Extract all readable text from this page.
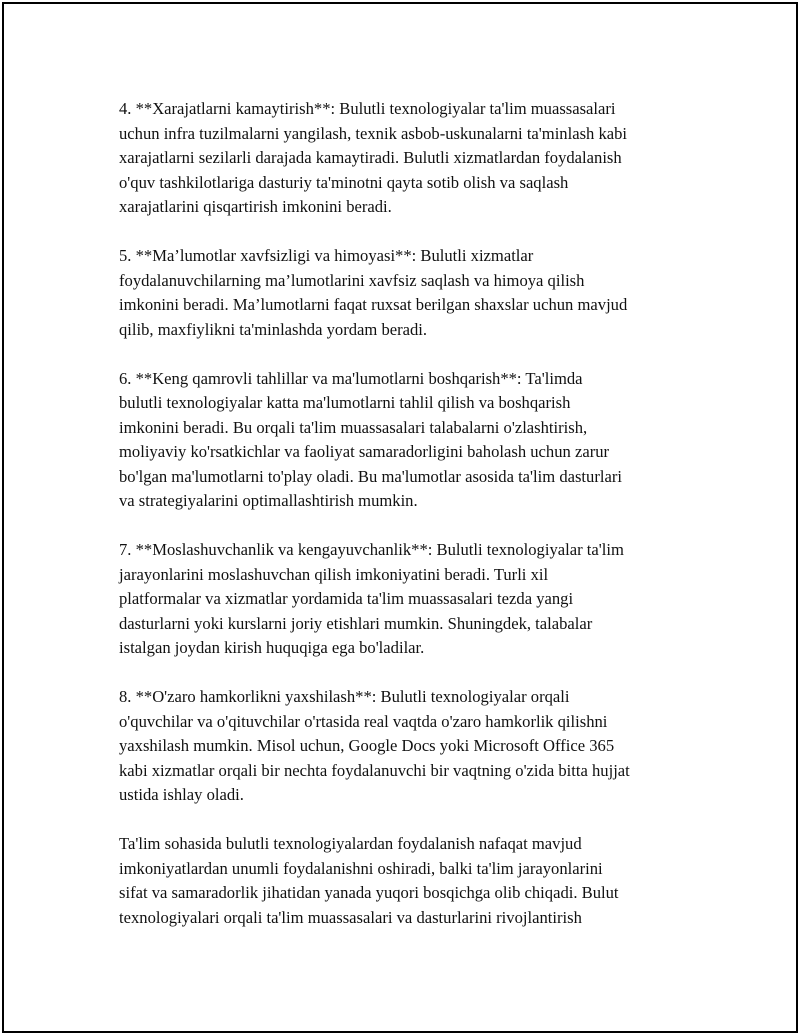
4. **Xarajatlarni kamaytirish**: Bulutli texnologiyalar ta'lim muassasalari
uchun infra tuzilmalarni yangilash, texnik asbob-uskunalarni ta'minlash kabi
xarajatlarni sezilarli darajada kamaytiradi. Bulutli xizmatlardan foydalanish
o'quv tashkilotlariga dasturiy ta'minotni qayta sotib olish va saqlash
xarajatlarini qisqartirish imkonini beradi.

5. **Ma’lumotlar xavfsizligi va himoyasi**: Bulutli xizmatlar
foydalanuvchilarning ma’lumotlarini xavfsiz saqlash va himoya qilish
imkonini beradi. Ma’lumotlarni faqat ruxsat berilgan shaxslar uchun mavjud
qilib, maxfiylikni ta'minlashda yordam beradi.

6. **Keng qamrovli tahlillar va ma'lumotlarni boshqarish**: Ta'limda
bulutli texnologiyalar katta ma'lumotlarni tahlil qilish va boshqarish
imkonini beradi. Bu orqali ta'lim muassasalari talabalarni o'zlashtirish,
moliyaviy ko'rsatkichlar va faoliyat samaradorligini baholash uchun zarur
bo'lgan ma'lumotlarni to'play oladi. Bu ma'lumotlar asosida ta'lim dasturlari
va strategiyalarini optimallashtirish mumkin.

7. **Moslashuvchanlik va kengayuvchanlik**: Bulutli texnologiyalar ta'lim
jarayonlarini moslashuvchan qilish imkoniyatini beradi. Turli xil
platformalar va xizmatlar yordamida ta'lim muassasalari tezda yangi
dasturlarni yoki kurslarni joriy etishlari mumkin. Shuningdek, talabalar
istalgan joydan kirish huquqiga ega bo'ladilar.

8. **O'zaro hamkorlikni yaxshilash**: Bulutli texnologiyalar orqali
o'quvchilar va o'qituvchilar o'rtasida real vaqtda o'zaro hamkorlik qilishni
yaxshilash mumkin. Misol uchun, Google Docs yoki Microsoft Office 365
kabi xizmatlar orqali bir nechta foydalanuvchi bir vaqtning o'zida bitta hujjat
ustida ishlay oladi.

Ta'lim sohasida bulutli texnologiyalardan foydalanish nafaqat mavjud
imkoniyatlardan unumli foydalanishni oshiradi, balki ta'lim jarayonlarini
sifat va samaradorlik jihatidan yanada yuqori bosqichga olib chiqadi. Bulut
texnologiyalari orqali ta'lim muassasalari va dasturlarini rivojlantirish
